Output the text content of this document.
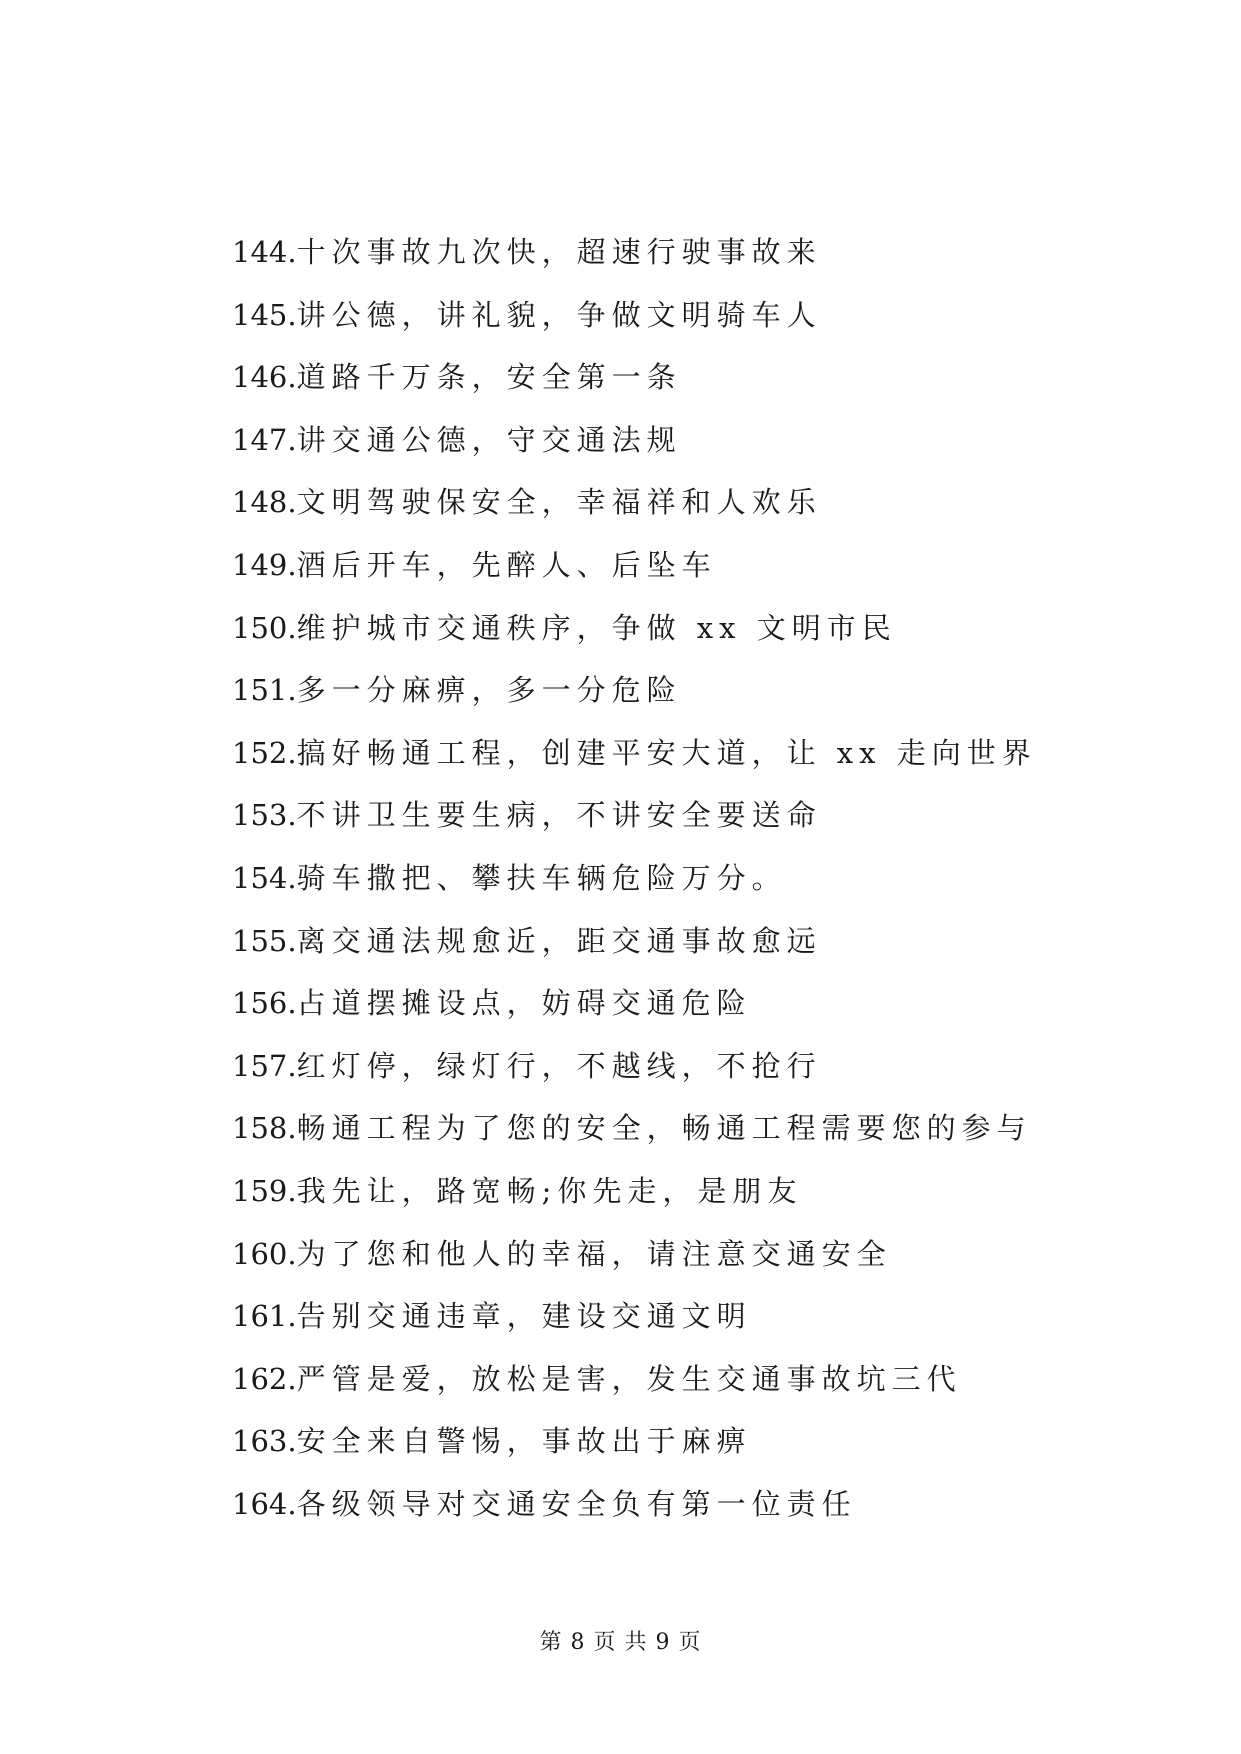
144. 十次事故九次快，超速行驶事故来
145. 讲公德，讲礼貌，争做文明骑车人
146. 道路千万条，安全第一条
147. 讲交通公德，守交通法规
148. 文明驾驶保安全，幸福祥和人欢乐
149. 酒后开车，先醉人、后坠车
150. 维护城市交通秩序，争做 xx 文明市民
151. 多一分麻痹，多一分危险
152. 搞好畅通工程，创建平安大道，让 xx 走向世界
153. 不讲卫生要生病，不讲安全要送命
154. 骑车撒把、攀扶车辆危险万分。
155. 离交通法规愈近，距交通事故愈远
156. 占道摆摊设点，妨碍交通危险
157. 红灯停，绿灯行，不越线，不抢行
158. 畅通工程为了您的安全，畅通工程需要您的参与
159. 我先让，路宽畅;你先走，是朋友
160. 为了您和他人的幸福，请注意交通安全
161. 告别交通违章，建设交通文明
162. 严管是爱，放松是害，发生交通事故坑三代
163. 安全来自警惕，事故出于麻痹
164. 各级领导对交通安全负有第一位责任
第 8 页 共 9 页
